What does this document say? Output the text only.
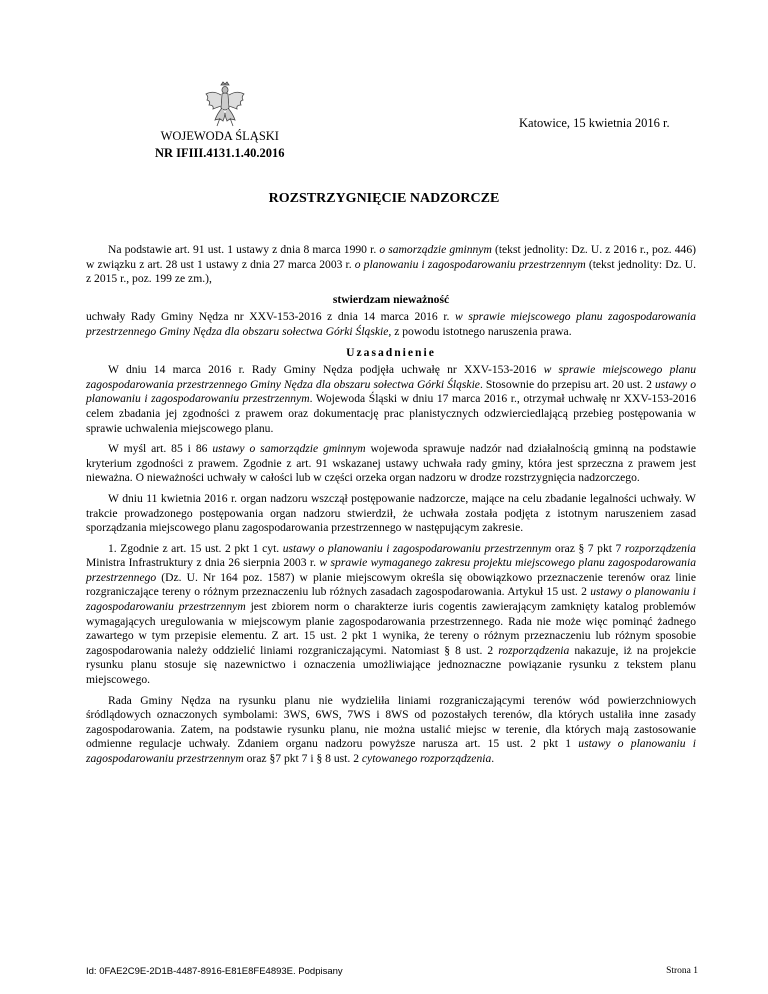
Katowice, 15 kwietnia 2016 r.
WOJEWODA ŚLĄSKI
NR IFIII.4131.1.40.2016
ROZSTRZYGNIĘCIE NADZORCZE

Na podstawie art. 91 ust. 1 ustawy z dnia 8 marca 1990 r. o samorządzie gminnym (tekst jednolity: Dz. U. z 2016 r., poz. 446) w związku z art. 28 ust 1 ustawy z dnia 27 marca 2003 r. o planowaniu i zagospodarowaniu przestrzennym (tekst jednolity: Dz. U. z 2015 r., poz. 199 ze zm.),

stwierdzam nieważność

uchwały Rady Gminy Nędza nr XXV-153-2016 z dnia 14 marca 2016 r. w sprawie miejscowego planu zagospodarowania przestrzennego Gminy Nędza dla obszaru sołectwa Górki Śląskie, z powodu istotnego naruszenia prawa.

Uzasadnienie

W dniu 14 marca 2016 r. Rady Gminy Nędza podjęła uchwałę nr XXV-153-2016 w sprawie miejscowego planu zagospodarowania przestrzennego Gminy Nędza dla obszaru sołectwa Górki Śląskie. Stosownie do przepisu art. 20 ust. 2 ustawy o planowaniu i zagospodarowaniu przestrzennym. Wojewoda Śląski w dniu 17 marca 2016 r., otrzymał uchwałę nr XXV-153-2016 celem zbadania jej zgodności z prawem oraz dokumentację prac planistycznych odzwierciedlającą przebieg postępowania w sprawie uchwalenia miejscowego planu.

W myśl art. 85 i 86 ustawy o samorządzie gminnym wojewoda sprawuje nadzór nad działalnością gminną na podstawie kryterium zgodności z prawem. Zgodnie z art. 91 wskazanej ustawy uchwała rady gminy, która jest sprzeczna z prawem jest nieważna. O nieważności uchwały w całości lub w części orzeka organ nadzoru w drodze rozstrzygnięcia nadzorczego.

W dniu 11 kwietnia 2016 r. organ nadzoru wszczął postępowanie nadzorcze, mające na celu zbadanie legalności uchwały. W trakcie prowadzonego postępowania organ nadzoru stwierdził, że uchwała została podjęta z istotnym naruszeniem zasad sporządzania miejscowego planu zagospodarowania przestrzennego w następującym zakresie.

1. Zgodnie z art. 15 ust. 2 pkt 1 cyt. ustawy o planowaniu i zagospodarowaniu przestrzennym oraz § 7 pkt 7 rozporządzenia Ministra Infrastruktury z dnia 26 sierpnia 2003 r. w sprawie wymaganego zakresu projektu miejscowego planu zagospodarowania przestrzennego (Dz. U. Nr 164 poz. 1587) w planie miejscowym określa się obowiązkowo przeznaczenie terenów oraz linie rozgraniczające tereny o różnym przeznaczeniu lub różnych zasadach zagospodarowania. Artykuł 15 ust. 2 ustawy o planowaniu i zagospodarowaniu przestrzennym jest zbiorem norm o charakterze iuris cogentis zawierającym zamknięty katalog problemów wymagających uregulowania w miejscowym planie zagospodarowania przestrzennego. Rada nie może więc pominąć żadnego zawartego w tym przepisie elementu. Z art. 15 ust. 2 pkt 1 wynika, że tereny o różnym przeznaczeniu lub różnym sposobie zagospodarowania należy oddzielić liniami rozgraniczającymi. Natomiast § 8 ust. 2 rozporządzenia nakazuje, iż na projekcie rysunku planu stosuje się nazewnictwo i oznaczenia umożliwiające jednoznaczne powiązanie rysunku z tekstem planu miejscowego.

Rada Gminy Nędza na rysunku planu nie wydzieliła liniami rozgraniczającymi terenów wód powierzchniowych śródlądowych oznaczonych symbolami: 3WS, 6WS, 7WS i 8WS od pozostałych terenów, dla których ustaliła inne zasady zagospodarowania. Zatem, na podstawie rysunku planu, nie można ustalić miejsc w terenie, dla których mają zastosowanie odmienne regulacje uchwały. Zdaniem organu nadzoru powyższe narusza art. 15 ust. 2 pkt 1 ustawy o planowaniu i zagospodarowaniu przestrzennym oraz §7 pkt 7 i § 8 ust. 2 cytowanego rozporządzenia.

Id: 0FAE2C9E-2D1B-4487-8916-E81E8FE4893E. Podpisany	Strona 1
